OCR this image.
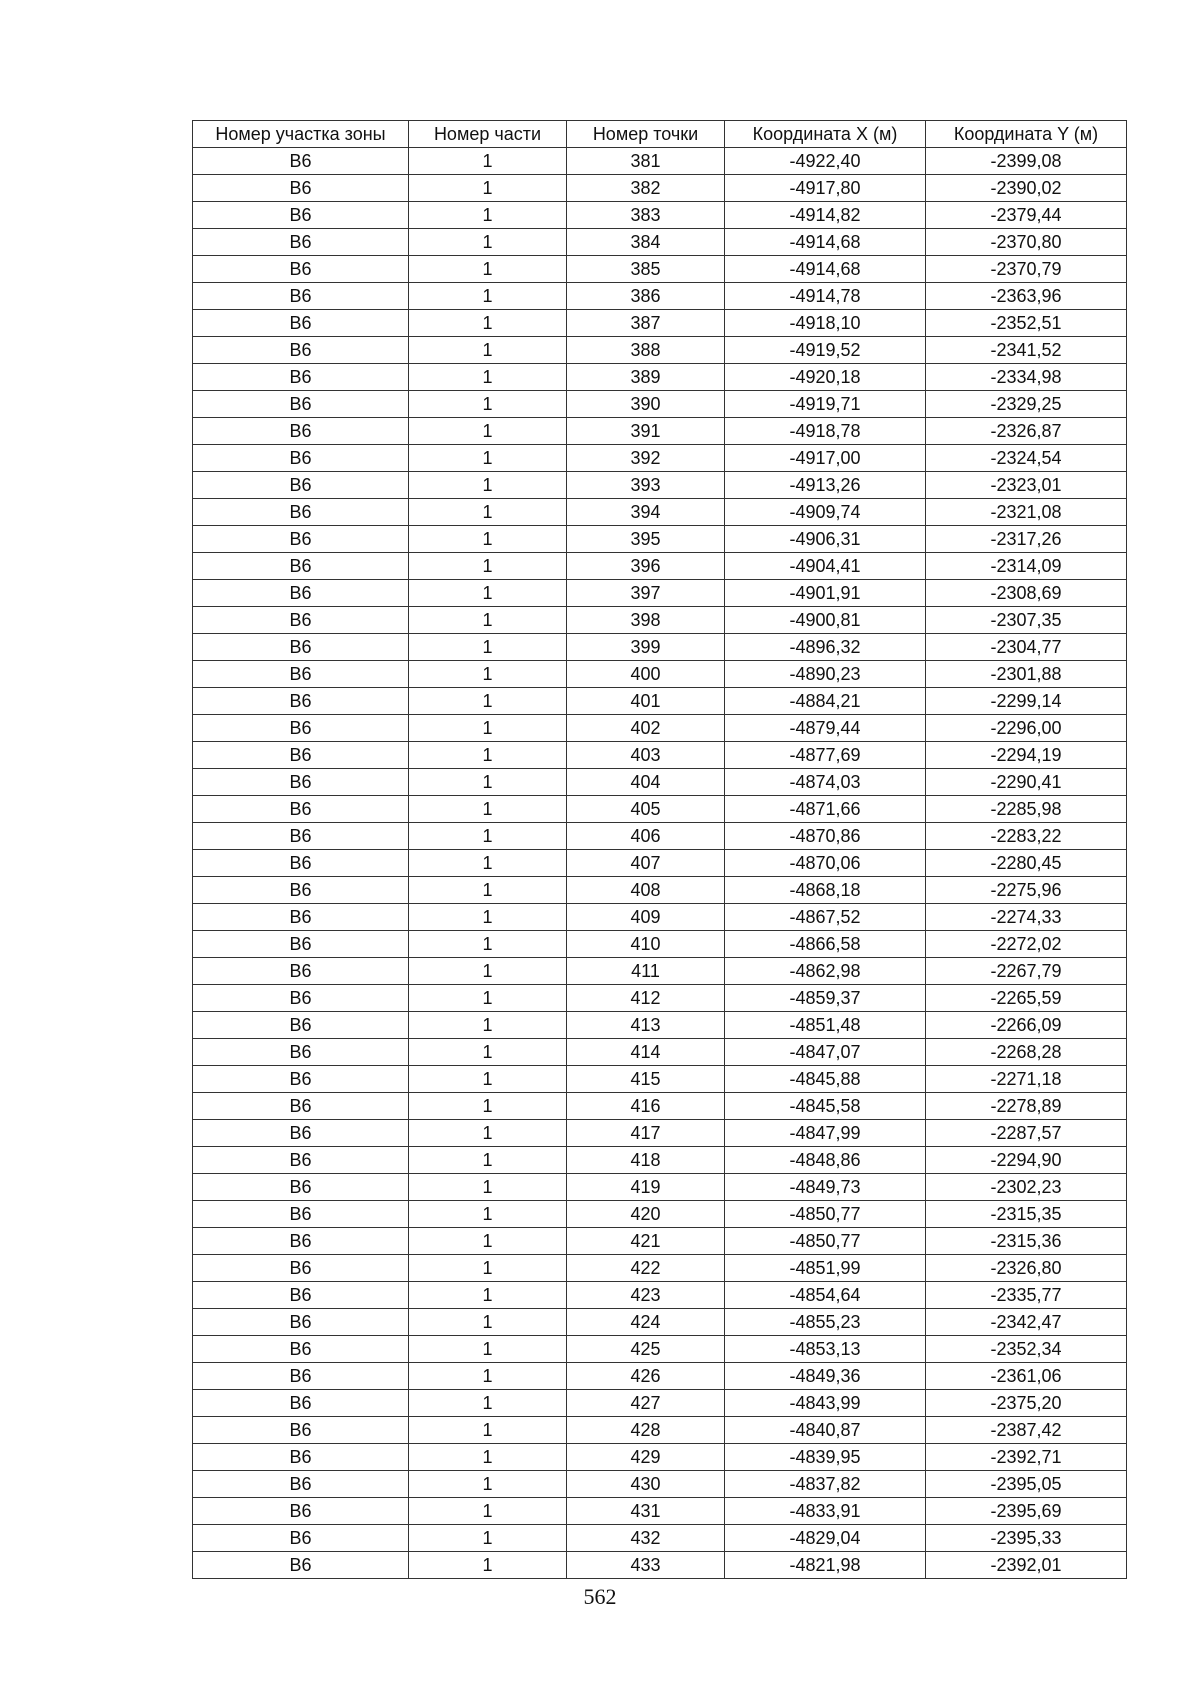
Номер участка зоны	Номер части	Номер точки	Координата X (м)	Координата Y (м)
В6	1	381	-4922,40	-2399,08
В6	1	382	-4917,80	-2390,02
В6	1	383	-4914,82	-2379,44
В6	1	384	-4914,68	-2370,80
В6	1	385	-4914,68	-2370,79
В6	1	386	-4914,78	-2363,96
В6	1	387	-4918,10	-2352,51
В6	1	388	-4919,52	-2341,52
В6	1	389	-4920,18	-2334,98
В6	1	390	-4919,71	-2329,25
В6	1	391	-4918,78	-2326,87
В6	1	392	-4917,00	-2324,54
В6	1	393	-4913,26	-2323,01
В6	1	394	-4909,74	-2321,08
В6	1	395	-4906,31	-2317,26
В6	1	396	-4904,41	-2314,09
В6	1	397	-4901,91	-2308,69
В6	1	398	-4900,81	-2307,35
В6	1	399	-4896,32	-2304,77
В6	1	400	-4890,23	-2301,88
В6	1	401	-4884,21	-2299,14
В6	1	402	-4879,44	-2296,00
В6	1	403	-4877,69	-2294,19
В6	1	404	-4874,03	-2290,41
В6	1	405	-4871,66	-2285,98
В6	1	406	-4870,86	-2283,22
В6	1	407	-4870,06	-2280,45
В6	1	408	-4868,18	-2275,96
В6	1	409	-4867,52	-2274,33
В6	1	410	-4866,58	-2272,02
В6	1	411	-4862,98	-2267,79
В6	1	412	-4859,37	-2265,59
В6	1	413	-4851,48	-2266,09
В6	1	414	-4847,07	-2268,28
В6	1	415	-4845,88	-2271,18
В6	1	416	-4845,58	-2278,89
В6	1	417	-4847,99	-2287,57
В6	1	418	-4848,86	-2294,90
В6	1	419	-4849,73	-2302,23
В6	1	420	-4850,77	-2315,35
В6	1	421	-4850,77	-2315,36
В6	1	422	-4851,99	-2326,80
В6	1	423	-4854,64	-2335,77
В6	1	424	-4855,23	-2342,47
В6	1	425	-4853,13	-2352,34
В6	1	426	-4849,36	-2361,06
В6	1	427	-4843,99	-2375,20
В6	1	428	-4840,87	-2387,42
В6	1	429	-4839,95	-2392,71
В6	1	430	-4837,82	-2395,05
В6	1	431	-4833,91	-2395,69
В6	1	432	-4829,04	-2395,33
В6	1	433	-4821,98	-2392,01
562
